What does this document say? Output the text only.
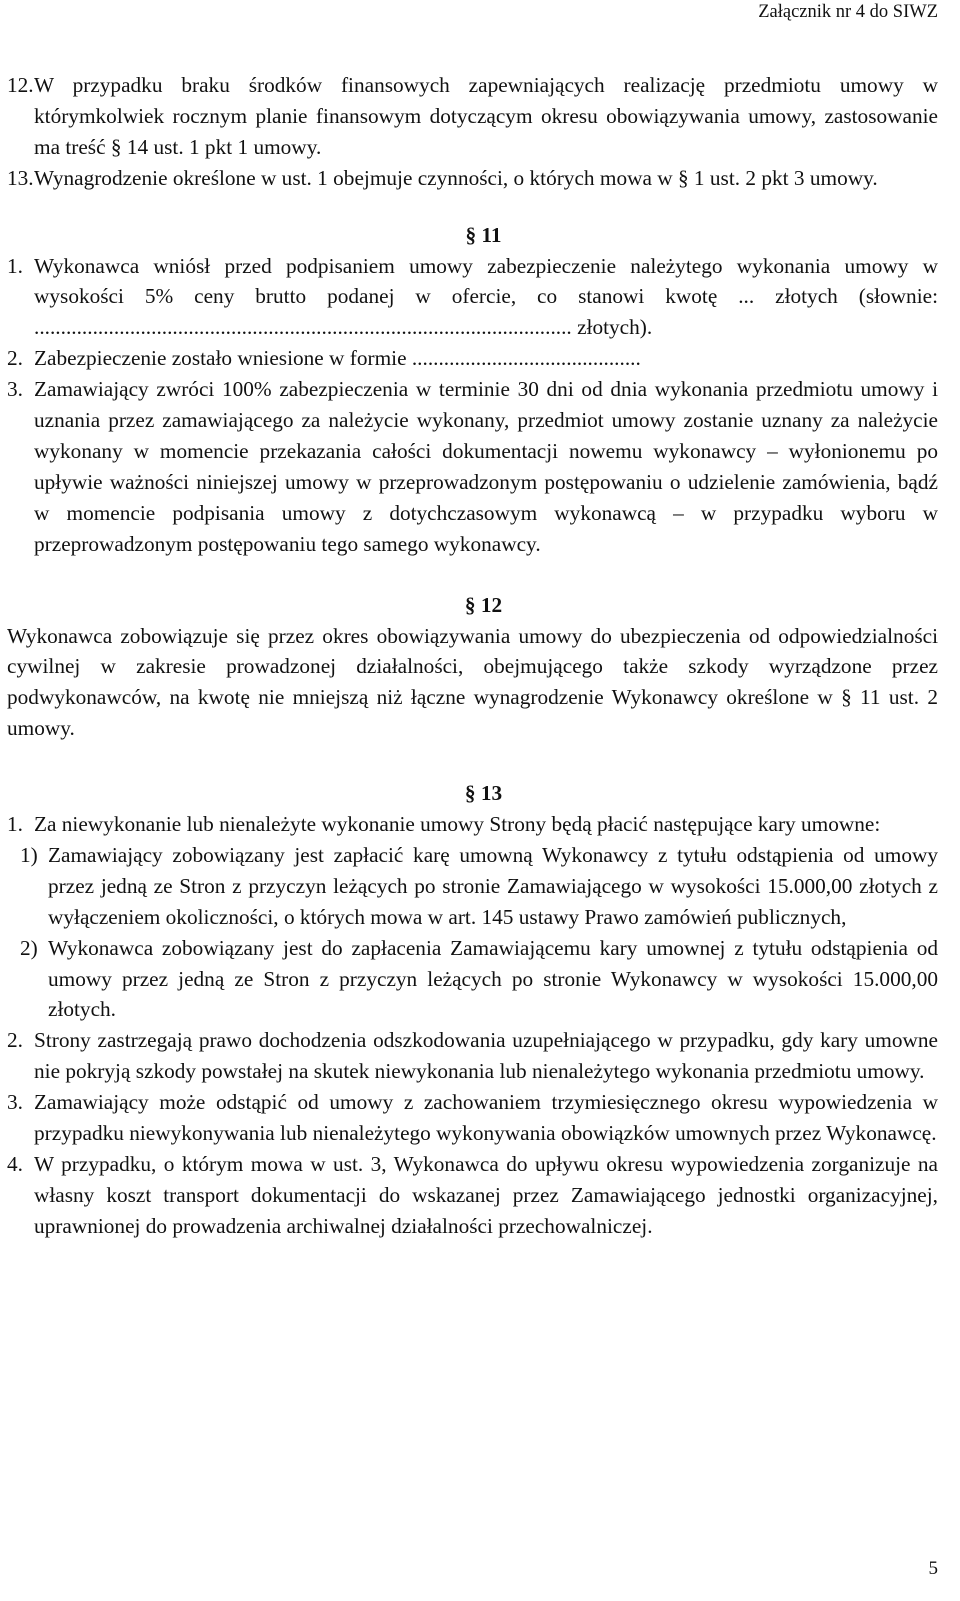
Załącznik nr 4 do SIWZ
12. W przypadku braku środków finansowych zapewniających realizację przedmiotu umowy w którymkolwiek rocznym planie finansowym dotyczącym okresu obowiązywania umowy, zastosowanie ma treść § 14 ust. 1 pkt 1 umowy.
13. Wynagrodzenie określone w ust. 1 obejmuje czynności, o których mowa w § 1 ust. 2 pkt 3 umowy.
§ 11
1. Wykonawca wniósł przed podpisaniem umowy zabezpieczenie należytego wykonania umowy w wysokości 5% ceny brutto podanej w ofercie, co stanowi kwotę ... złotych (słownie: ..................................................................................................... złotych).
2. Zabezpieczenie zostało wniesione w formie ...........................................
3. Zamawiający zwróci 100% zabezpieczenia w terminie 30 dni od dnia wykonania przedmiotu umowy i uznania przez zamawiającego za należycie wykonany, przedmiot umowy zostanie uznany za należycie wykonany w momencie przekazania całości dokumentacji nowemu wykonawcy – wyłonionemu po upływie ważności niniejszej umowy w przeprowadzonym postępowaniu o udzielenie zamówienia, bądź w momencie podpisania umowy z dotychczasowym wykonawcą – w przypadku wyboru w przeprowadzonym postępowaniu tego samego wykonawcy.
§ 12
Wykonawca zobowiązuje się przez okres obowiązywania umowy do ubezpieczenia od odpowiedzialności cywilnej w zakresie prowadzonej działalności, obejmującego także szkody wyrządzone przez podwykonawców, na kwotę nie mniejszą niż łączne wynagrodzenie Wykonawcy określone w § 11 ust. 2 umowy.
§ 13
1. Za niewykonanie lub nienależyte wykonanie umowy Strony będą płacić następujące kary umowne:
1) Zamawiający zobowiązany jest zapłacić karę umowną Wykonawcy z tytułu odstąpienia od umowy przez jedną ze Stron z przyczyn leżących po stronie Zamawiającego w wysokości 15.000,00 złotych z wyłączeniem okoliczności, o których mowa w art. 145 ustawy Prawo zamówień publicznych,
2) Wykonawca zobowiązany jest do zapłacenia Zamawiającemu kary umownej z tytułu odstąpienia od umowy przez jedną ze Stron z przyczyn leżących po stronie Wykonawcy w wysokości 15.000,00 złotych.
2. Strony zastrzegają prawo dochodzenia odszkodowania uzupełniającego w przypadku, gdy kary umowne nie pokryją szkody powstałej na skutek niewykonania lub nienależytego wykonania przedmiotu umowy.
3. Zamawiający może odstąpić od umowy z zachowaniem trzymiesięcznego okresu wypowiedzenia w przypadku niewykonywania lub nienależytego wykonywania obowiązków umownych przez Wykonawcę.
4. W przypadku, o którym mowa w ust. 3, Wykonawca do upływu okresu wypowiedzenia zorganizuje na własny koszt transport dokumentacji do wskazanej przez Zamawiającego jednostki organizacyjnej, uprawnionej do prowadzenia archiwalnej działalności przechowalniczej.
5
